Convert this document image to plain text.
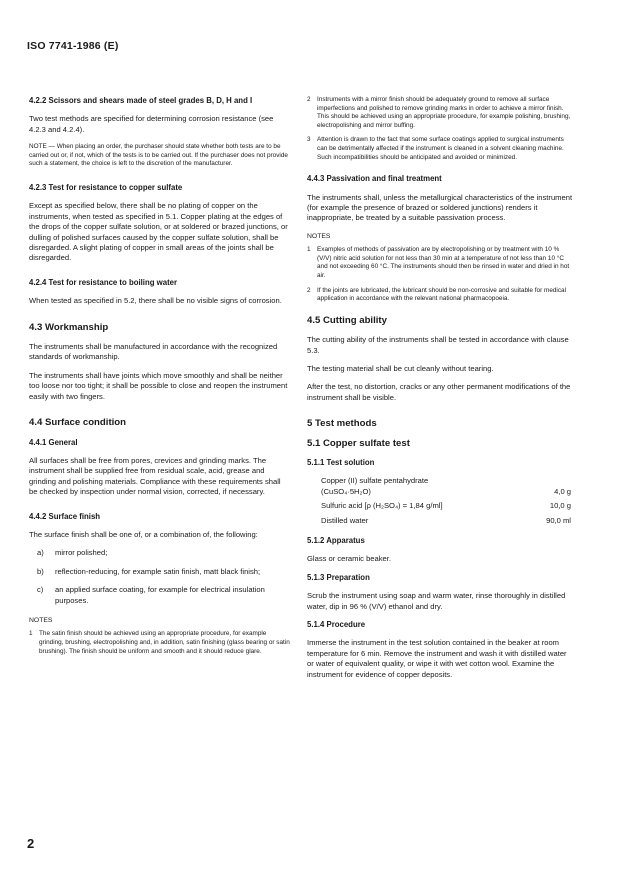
ISO 7741-1986 (E)
4.2.2 Scissors and shears made of steel grades B, D, H and I

Two test methods are specified for determining corrosion resistance (see 4.2.3 and 4.2.4).

NOTE — When placing an order, the purchaser should state whether both tests are to be carried out or, if not, which of the tests is to be carried out. If the purchaser does not provide such a statement, the choice is left to the discretion of the manufacturer.

4.2.3 Test for resistance to copper sulfate

Except as specified below, there shall be no plating of copper on the instruments, when tested as specified in 5.1. Copper plating at the edges of the drops of the copper sulfate solution, or at soldered or brazed junctions, or dulling of polished surfaces caused by the copper sulfate solution, shall be disregarded. A slight plating of copper in small areas of the joints shall be disregarded.

4.2.4 Test for resistance to boiling water

When tested as specified in 5.2, there shall be no visible signs of corrosion.

4.3 Workmanship

The instruments shall be manufactured in accordance with the recognized standards of workmanship.

The instruments shall have joints which move smoothly and shall be neither too loose nor too tight; it shall be possible to close and reopen the instrument easily with two fingers.

4.4 Surface condition
4.4.1 General

All surfaces shall be free from pores, crevices and grinding marks. The instrument shall be supplied free from residual scale, acid, grease and grinding and polishing materials. Compliance with these requirements shall be checked by inspection under normal vision, corrected, if necessary.

4.4.2 Surface finish

The surface finish shall be one of, or a combination of, the following:

a)	mirror polished;
b)	reflection-reducing, for example satin finish, matt black finish;
c)	an applied surface coating, for example for electrical insulation purposes.
NOTES
1	The satin finish should be achieved using an appropriate procedure, for example grinding, brushing, electropolishing and, in addition, satin finishing (glass bearing or satin brushing). The finish should be uniform and smooth and it should reduce glare.
2	Instruments with a mirror finish should be adequately ground to remove all surface imperfections and polished to remove grinding marks in order to achieve a mirror finish. This should be achieved using an appropriate procedure, for example polishing, brushing, electropolishing and mirror buffing.
3	Attention is drawn to the fact that some surface coatings applied to surgical instruments can be detrimentally affected if the instrument is cleaned in a solvent cleaning machine. Such incompatibilities should be anticipated and avoided or minimized.
4.4.3 Passivation and final treatment

The instruments shall, unless the metallurgical characteristics of the instrument (for example the presence of brazed or soldered junctions) renders it inappropriate, be treated by a suitable passivation process.

NOTES
1	Examples of methods of passivation are by electropolishing or by treatment with 10 % (V/V) nitric acid solution for not less than 30 min at a temperature of not less than 10 °C and not exceeding 60 °C. The instruments should then be rinsed in water and dried in hot air.
2	If the joints are lubricated, the lubricant should be non-corrosive and suitable for medical application in accordance with the relevant national pharmacopoeia.
4.5 Cutting ability

The cutting ability of the instruments shall be tested in accordance with clause 5.3.

The testing material shall be cut cleanly without tearing.

After the test, no distortion, cracks or any other permanent modifications of the instrument shall be visible.

5 Test methods
5.1 Copper sulfate test
5.1.1 Test solution
Copper (II) sulfate pentahydrate
(CuSO₄·5H₂O)	4,0 g
Sulfuric acid [ρ (H₂SO₄) = 1,84 g/ml]	10,0 g
Distilled water	90,0 ml
5.1.2 Apparatus

Glass or ceramic beaker.

5.1.3 Preparation

Scrub the instrument using soap and warm water, rinse thoroughly in distilled water, dip in 96 % (V/V) ethanol and dry.

5.1.4 Procedure

Immerse the instrument in the test solution contained in the beaker at room temperature for 6 min. Remove the instrument and wash it with distilled water or water of equivalent quality, or wipe it with wet cotton wool. Examine the instrument for evidence of copper deposits.

2
